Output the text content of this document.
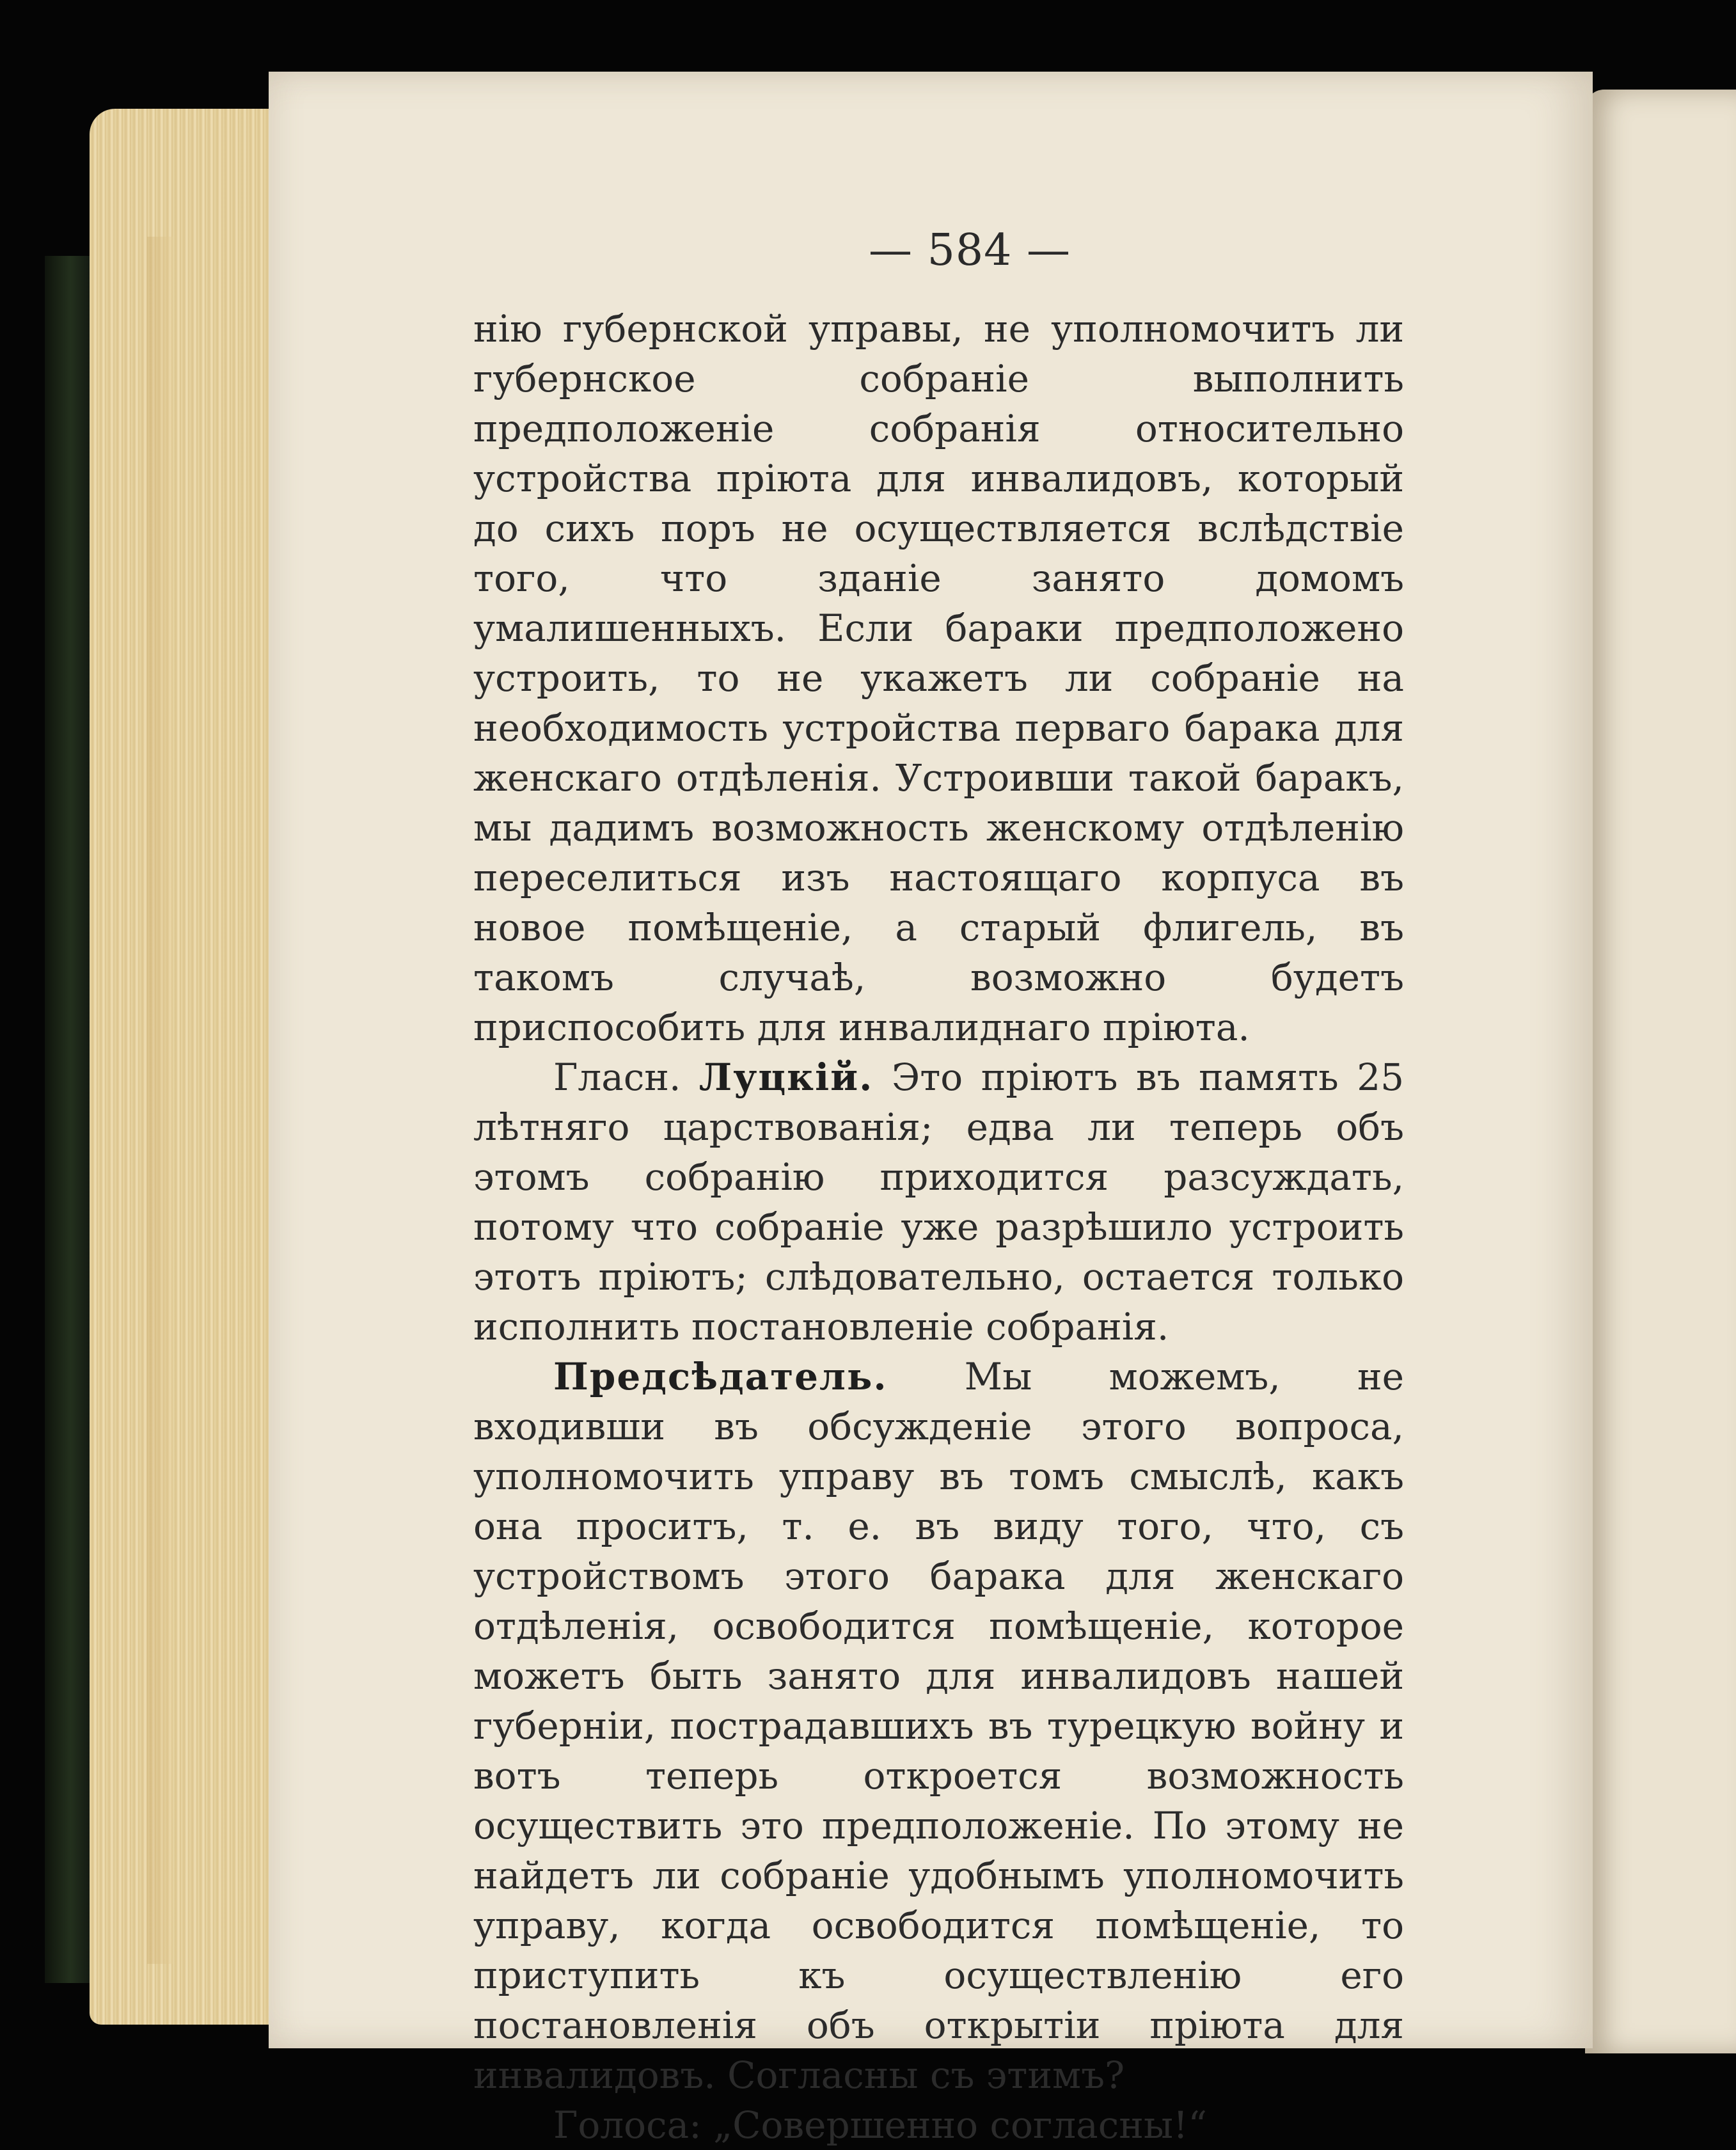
— 584 —

нію губернской управы, не уполномочитъ ли губернское собраніе выполнить предположеніе собранія относительно устройства пріюта для инвалидовъ, который до сихъ поръ не осуществляется вслѣдствіе того, что зданіе занято домомъ умалишенныхъ. Если бараки предположено устроить, то не укажетъ ли собраніе на необходимость устройства перваго барака для женскаго отдѣленія. Устроивши такой баракъ, мы дадимъ возможность женскому отдѣленію переселиться изъ настоящаго корпуса въ новое помѣщеніе, а старый флигель, въ такомъ случаѣ, возможно будетъ приспособить для инвалиднаго пріюта.

Гласн. Луцкій. Это пріютъ въ память 25 лѣтняго царствованія; едва ли теперь объ этомъ собранію приходится разсуждать, потому что собраніе уже разрѣшило устроить этотъ пріютъ; слѣдовательно, остается только исполнить постановленіе собранія.

Предсѣдатель. Мы можемъ, не входивши въ обсужденіе этого вопроса, уполномочить управу въ томъ смыслѣ, какъ она проситъ, т. е. въ виду того, что, съ устройствомъ этого барака для женскаго отдѣленія, освободится помѣщеніе, которое можетъ быть занято для инвалидовъ нашей губерніи, пострадавшихъ въ турецкую войну и вотъ теперь откроется возможность осуществить это предположеніе. По этому не найдетъ ли собраніе удобнымъ уполномочить управу, когда освободится помѣщеніе, то приступить къ осуществленію его постановленія объ открытіи пріюта для инвалидовъ. Согласны съ этимъ?

Голоса: „Совершенно согласны!“
